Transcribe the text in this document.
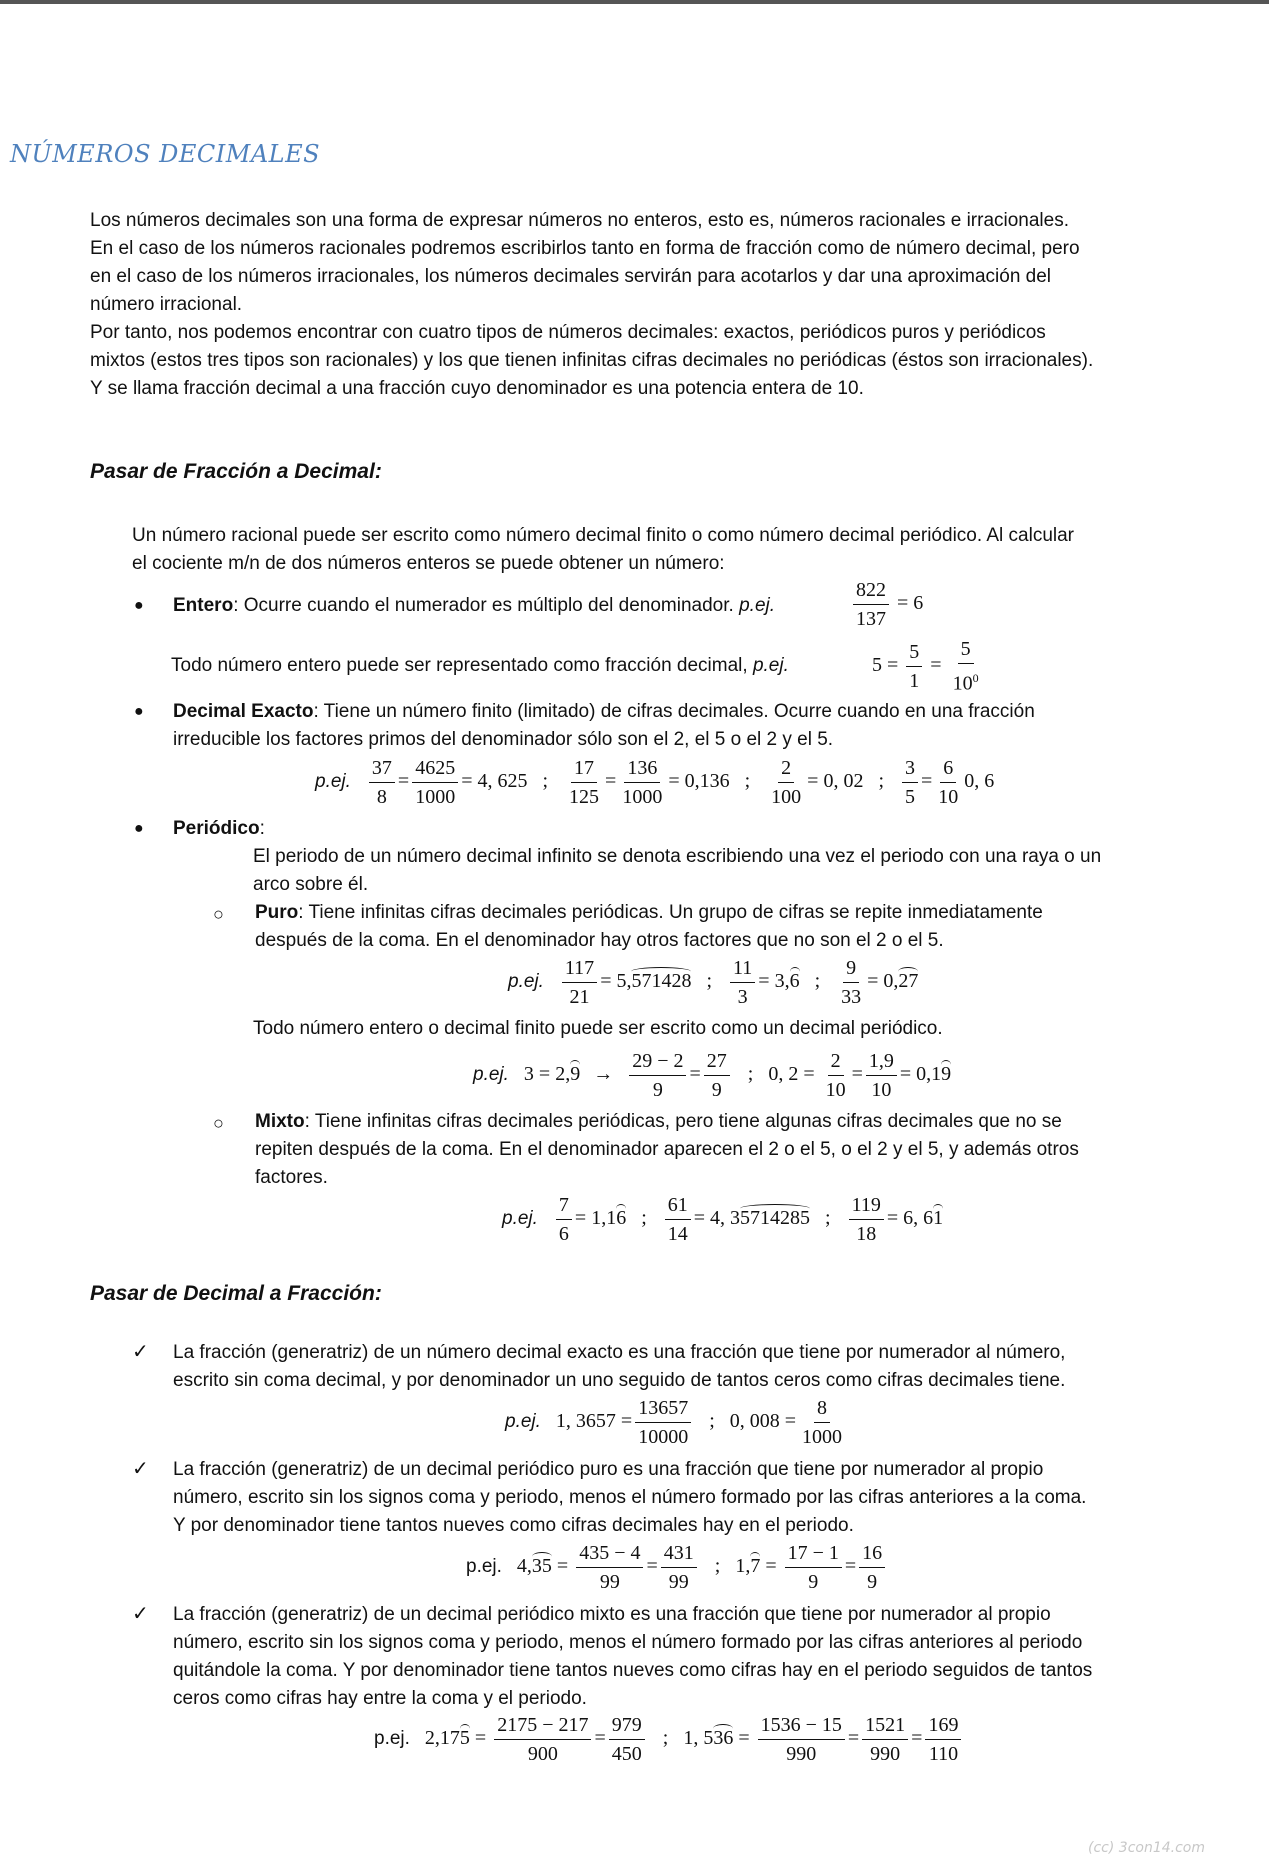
NÚMEROS DECIMALES

Los números decimales son una forma de expresar números no enteros, esto es, números racionales e irracionales.

En el caso de los números racionales podremos escribirlos tanto en forma de fracción como de número decimal, pero

en el caso de los números irracionales, los números decimales servirán para acotarlos y dar una aproximación del

número irracional.

Por tanto, nos podemos encontrar con cuatro tipos de números decimales: exactos, periódicos puros y periódicos

mixtos (estos tres tipos son racionales) y los que tienen infinitas cifras decimales no periódicas (éstos son irracionales).

Y se llama fracción decimal a una fracción cuyo denominador es una potencia entera de 10.

Pasar de Fracción a Decimal:

Un número racional puede ser escrito como número decimal finito o como número decimal periódico. Al calcular

el cociente m/n de dos números enteros se puede obtener un número:

● Entero: Ocurre cuando el numerador es múltiplo del denominador. p.ej.	$\frac{822}{137} = 6$
Todo número entero puede ser representado como fracción decimal, p.ej.	$5 = \frac{5}{1} = \frac{5}{10^0}$
● Decimal Exacto: Tiene un número finito (limitado) de cifras decimales. Ocurre cuando en una fracción

irreducible los factores primos del denominador sólo son el 2, el 5 o el 2 y el 5.

p.ej. $\frac{37}{8} = \frac{4625}{1000} = 4$, 625 ; $\frac{17}{125} = \frac{136}{1000} = 0,136$ ; $\frac{2}{100} = 0$, 02 ; $\frac{3}{5} = \frac{6}{10} 0$, 6
● Periódico:

El periodo de un número decimal infinito se denota escribiendo una vez el periodo con una raya o un

arco sobre él.

○ Puro: Tiene infinitas cifras decimales periódicas. Un grupo de cifras se repite inmediatamente

después de la coma. En el denominador hay otros factores que no son el 2 o el 5.

p.ej. $\frac{117}{21} = 5,571428$ ; $\frac{11}{3} = 3,6$ ; $\frac{9}{33} = 0,27$
Todo número entero o decimal finito puede ser escrito como un decimal periódico.
p.ej. $3 = 2,9 \to \frac{29 - 2}{9} = \frac{27}{9}$ ; 0, $2 = \frac{2}{10} = \frac{1,9}{10} = 0,19$
○ Mixto: Tiene infinitas cifras decimales periódicas, pero tiene algunas cifras decimales que no se

repiten después de la coma. En el denominador aparecen el 2 o el 5, o el 2 y el 5, y además otros

factores.

p.ej. $\frac{7}{6} = 1,16$ ; $\frac{61}{14} = 4$, 35714285 ; $\frac{119}{18} = 6$, 61
Pasar de Decimal a Fracción:
✓ La fracción (generatriz) de un número decimal exacto es una fracción que tiene por numerador al número,

escrito sin coma decimal, y por denominador un uno seguido de tantos ceros como cifras decimales tiene.

p.ej. 1, $3657 = \frac{13657}{10000}$ ; 0, $008 = \frac{8}{1000}$
✓ La fracción (generatriz) de un decimal periódico puro es una fracción que tiene por numerador al propio

número, escrito sin los signos coma y periodo, menos el número formado por las cifras anteriores a la coma.

Y por denominador tiene tantos nueves como cifras decimales hay en el periodo.

p.ej. $4,35 = \frac{435 - 4}{99} = \frac{431}{99}$ ; $1,7 = \frac{17 - 1}{9} = \frac{16}{9}$
✓ La fracción (generatriz) de un decimal periódico mixto es una fracción que tiene por numerador al propio

número, escrito sin los signos coma y periodo, menos el número formado por las cifras anteriores al periodo

quitándole la coma. Y por denominador tiene tantos nueves como cifras hay en el periodo seguidos de tantos

ceros como cifras hay entre la coma y el periodo.

p.ej. $2,175 = \frac{2175 - 217}{900} = \frac{979}{450}$ ; 1, $536 = \frac{1536 - 15}{990} = \frac{1521}{990} = \frac{169}{110}$
(cc) 3con14.com
